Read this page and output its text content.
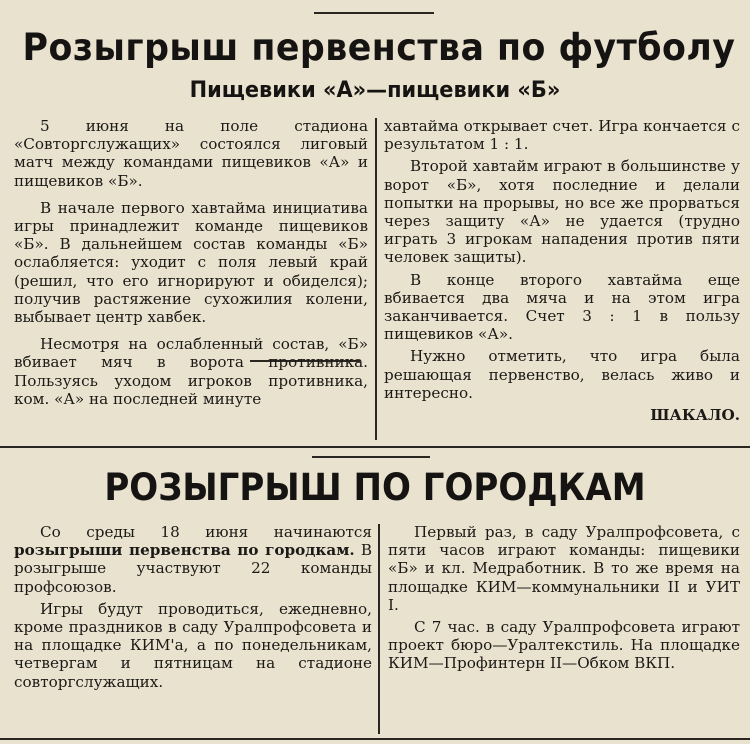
Розыгрыш первенства по футболу
Пищевики «А»—пищевики «Б»

5 июня на поле стадиона «Совторгслужащих» состоялся лиговый матч между командами пищевиков «А» и пищевиков «Б».

В начале первого хавтайма инициатива игры принадлежит команде пищевиков «Б». В дальнейшем состав команды «Б» ослабляется: уходит с поля левый край (решил, что его игнорируют и обиделся); получив растяжение сухожилия колени, выбывает центр хавбек.

Несмотря на ослабленный состав, «Б» вбивает мяч в ворота противника. Пользуясь уходом игроков противника, ком. «А» на последней минуте

хавтайма открывает счет. Игра кончается с результатом 1 : 1.

Второй хавтайм играют в большинстве у ворот «Б», хотя последние и делали попытки на прорывы, но все же прорваться через защиту «А» не удается (трудно играть 3 игрокам нападения против пяти человек защиты).

В конце второго хавтайма еще вбивается два мяча и на этом игра заканчивается. Счет 3 : 1 в пользу пищевиков «А».

Нужно отметить, что игра была решающая первенство, велась живо и интересно.

ШАКАЛО.

РОЗЫГРЫШ ПО ГОРОДКАМ

Со среды 18 июня начинаются розыгрыши первенства по городкам. В розыгрыше участвуют 22 команды профсоюзов.

Игры будут проводиться, ежедневно, кроме праздников в саду Уралпрофсовета и на площадке КИМ'а, а по понедельникам, четвергам и пятницам на стадионе совторгслужащих.

Первый раз, в саду Уралпрофсовета, с пяти часов играют команды: пищевики «Б» и кл. Медработник. В то же время на площадке КИМ—коммунальники II и УИТ I.

С 7 час. в саду Уралпрофсовета играют проект бюро—Уралтекстиль. На площадке КИМ—Профинтерн II—Обком ВКП.
